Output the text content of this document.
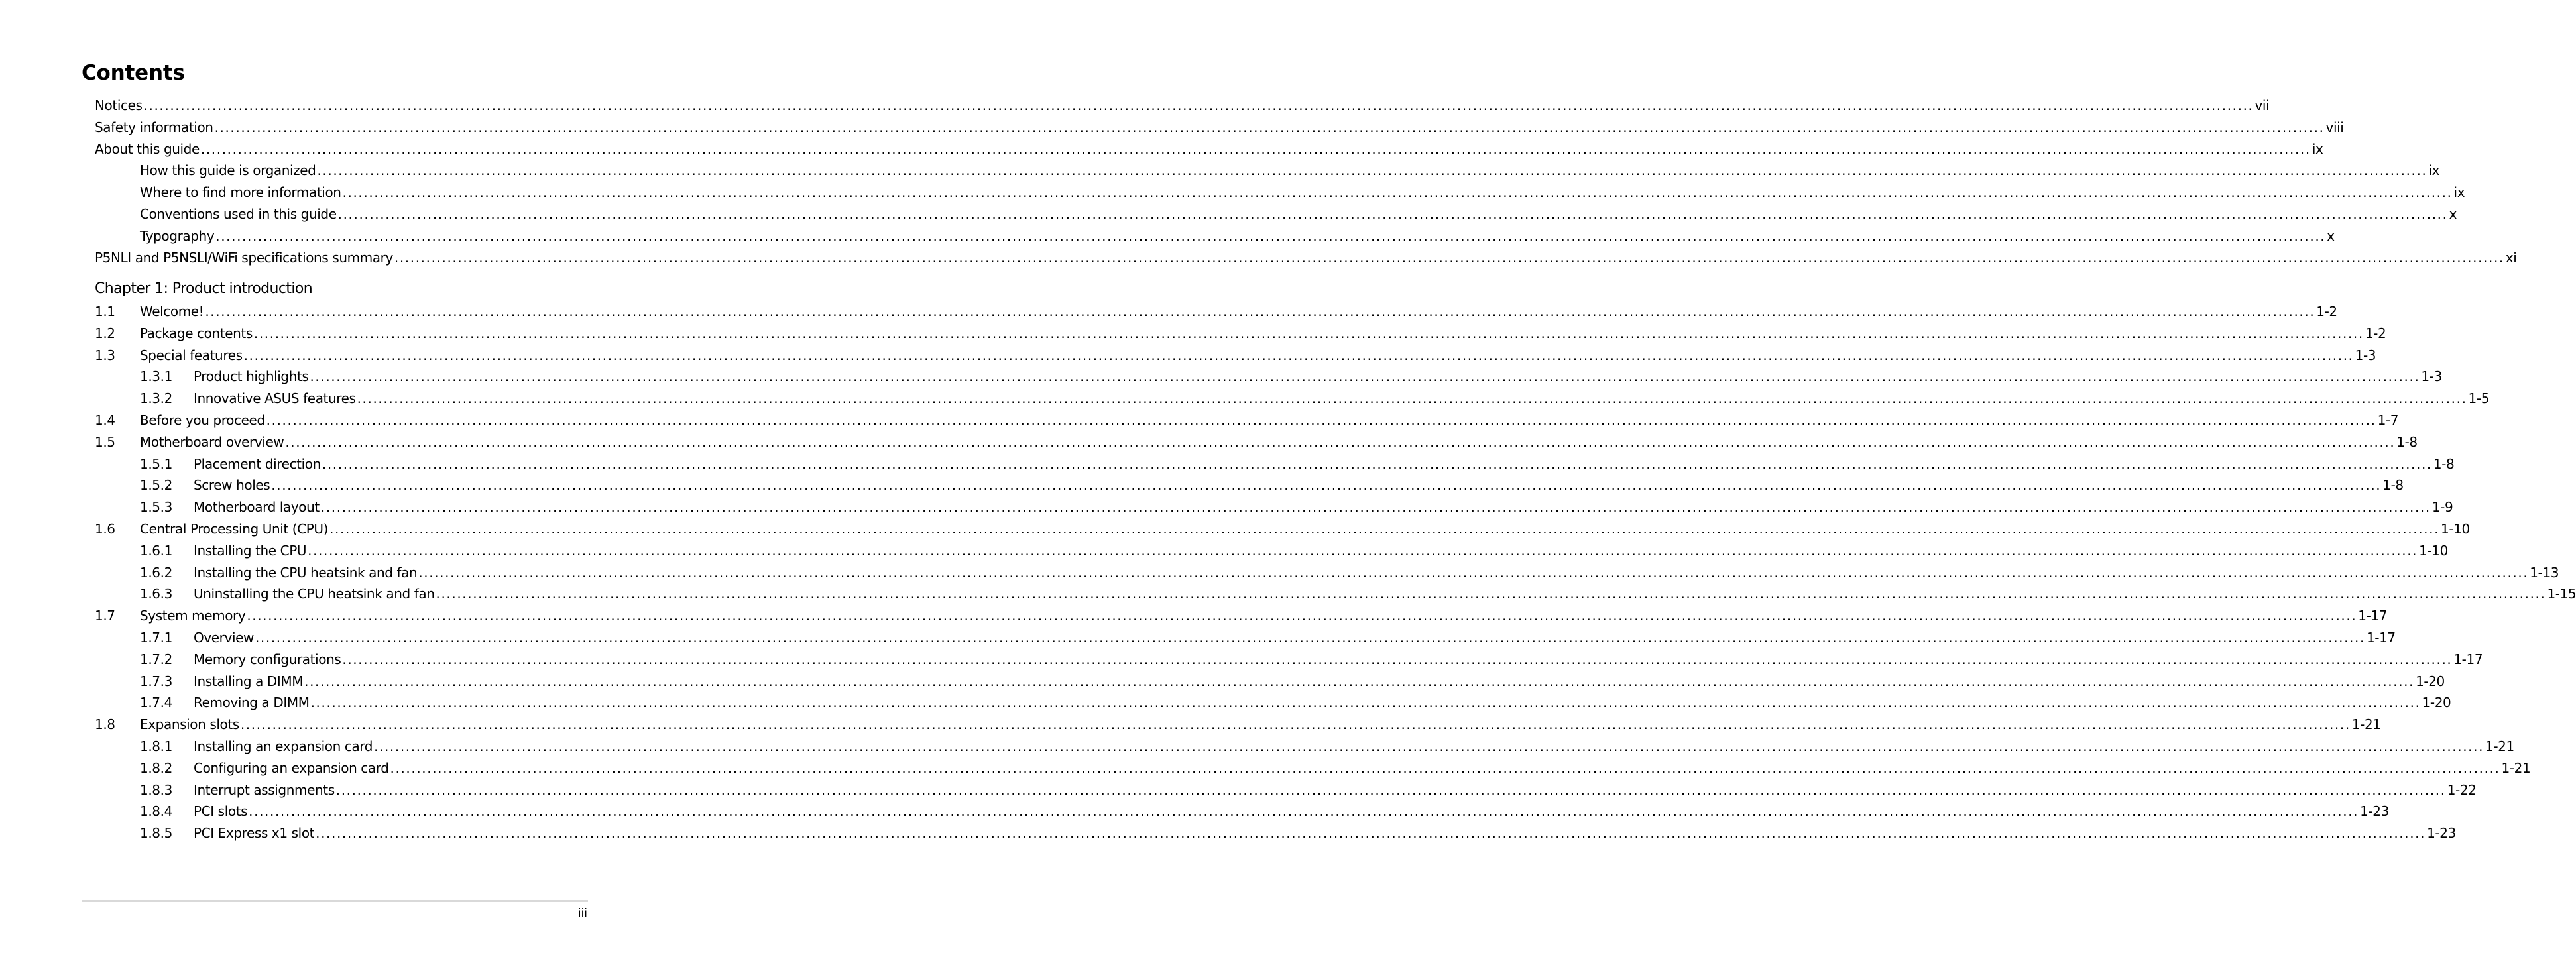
Contents
Notices ................................................................................................................................................................................................................................................................................................................................................................................................................ vii
Safety information ................................................................................................................................................................................................................................................................................................................................................................................................................ viii
About this guide ................................................................................................................................................................................................................................................................................................................................................................................................................ ix
How this guide is organized ................................................................................................................................................................................................................................................................................................................................................................................................................ ix
Where to find more information ................................................................................................................................................................................................................................................................................................................................................................................................................ ix
Conventions used in this guide ................................................................................................................................................................................................................................................................................................................................................................................................................ x
Typography ................................................................................................................................................................................................................................................................................................................................................................................................................ x
P5NLI and P5NSLI/WiFi specifications summary ................................................................................................................................................................................................................................................................................................................................................................................................................ xi
Chapter 1: Product introduction
1.1 Welcome! ................................................................................................................................................................................................................................................................................................................................................................................................................ 1-2
1.2 Package contents ................................................................................................................................................................................................................................................................................................................................................................................................................ 1-2
1.3 Special features ................................................................................................................................................................................................................................................................................................................................................................................................................ 1-3
1.3.1 Product highlights ................................................................................................................................................................................................................................................................................................................................................................................................................ 1-3
1.3.2 Innovative ASUS features ................................................................................................................................................................................................................................................................................................................................................................................................................ 1-5
1.4 Before you proceed ................................................................................................................................................................................................................................................................................................................................................................................................................ 1-7
1.5 Motherboard overview ................................................................................................................................................................................................................................................................................................................................................................................................................ 1-8
1.5.1 Placement direction ................................................................................................................................................................................................................................................................................................................................................................................................................ 1-8
1.5.2 Screw holes ................................................................................................................................................................................................................................................................................................................................................................................................................ 1-8
1.5.3 Motherboard layout ................................................................................................................................................................................................................................................................................................................................................................................................................ 1-9
1.6 Central Processing Unit (CPU) ................................................................................................................................................................................................................................................................................................................................................................................................................ 1-10
1.6.1 Installing the CPU ................................................................................................................................................................................................................................................................................................................................................................................................................ 1-10
1.6.2 Installing the CPU heatsink and fan ................................................................................................................................................................................................................................................................................................................................................................................................................ 1-13
1.6.3 Uninstalling the CPU heatsink and fan ................................................................................................................................................................................................................................................................................................................................................................................................................ 1-15
1.7 System memory ................................................................................................................................................................................................................................................................................................................................................................................................................ 1-17
1.7.1 Overview ................................................................................................................................................................................................................................................................................................................................................................................................................ 1-17
1.7.2 Memory configurations ................................................................................................................................................................................................................................................................................................................................................................................................................ 1-17
1.7.3 Installing a DIMM ................................................................................................................................................................................................................................................................................................................................................................................................................ 1-20
1.7.4 Removing a DIMM ................................................................................................................................................................................................................................................................................................................................................................................................................ 1-20
1.8 Expansion slots ................................................................................................................................................................................................................................................................................................................................................................................................................ 1-21
1.8.1 Installing an expansion card ................................................................................................................................................................................................................................................................................................................................................................................................................ 1-21
1.8.2 Configuring an expansion card ................................................................................................................................................................................................................................................................................................................................................................................................................ 1-21
1.8.3 Interrupt assignments ................................................................................................................................................................................................................................................................................................................................................................................................................ 1-22
1.8.4 PCI slots ................................................................................................................................................................................................................................................................................................................................................................................................................ 1-23
1.8.5 PCI Express x1 slot ................................................................................................................................................................................................................................................................................................................................................................................................................ 1-23
iii
